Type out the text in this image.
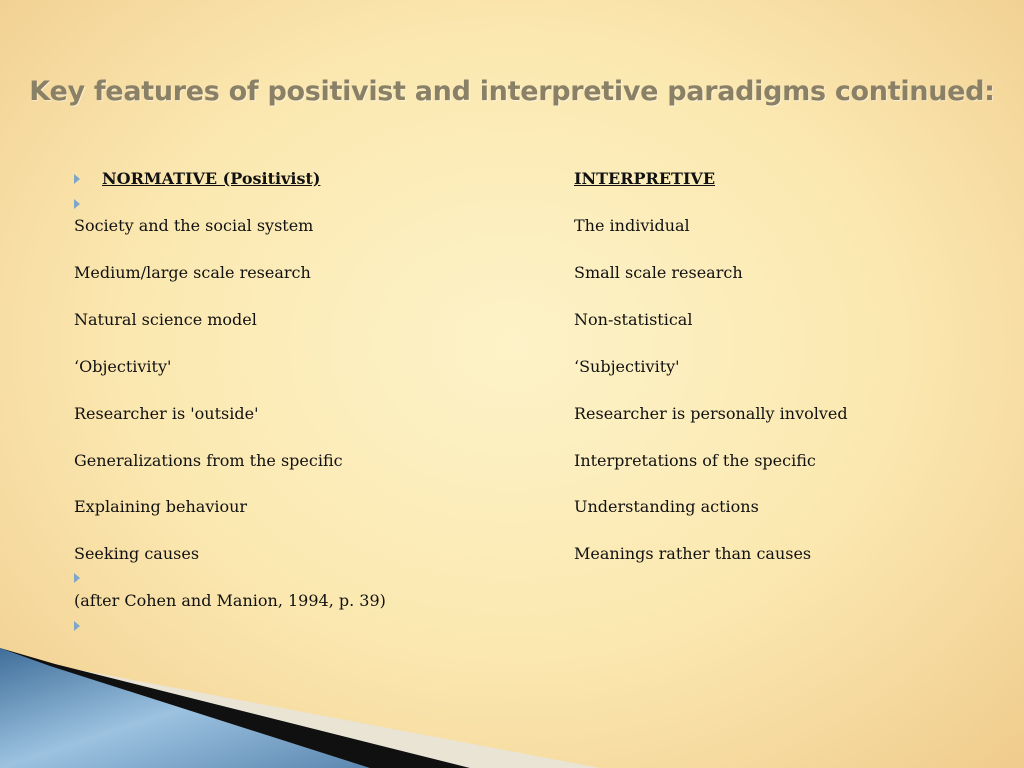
Key features of positivist and interpretive paradigms continued:
NORMATIVE (Positivist)	INTERPRETIVE
Society and the social system	The individual
Medium/large scale research	Small scale research
Natural science model	Non-statistical
‘Objectivity'	‘Subjectivity'
Researcher is 'outside'	Researcher is personally involved
Generalizations from the specific	Interpretations of the specific
Explaining behaviour	Understanding actions
Seeking causes	Meanings rather than causes
(after Cohen and Manion, 1994, p. 39)
